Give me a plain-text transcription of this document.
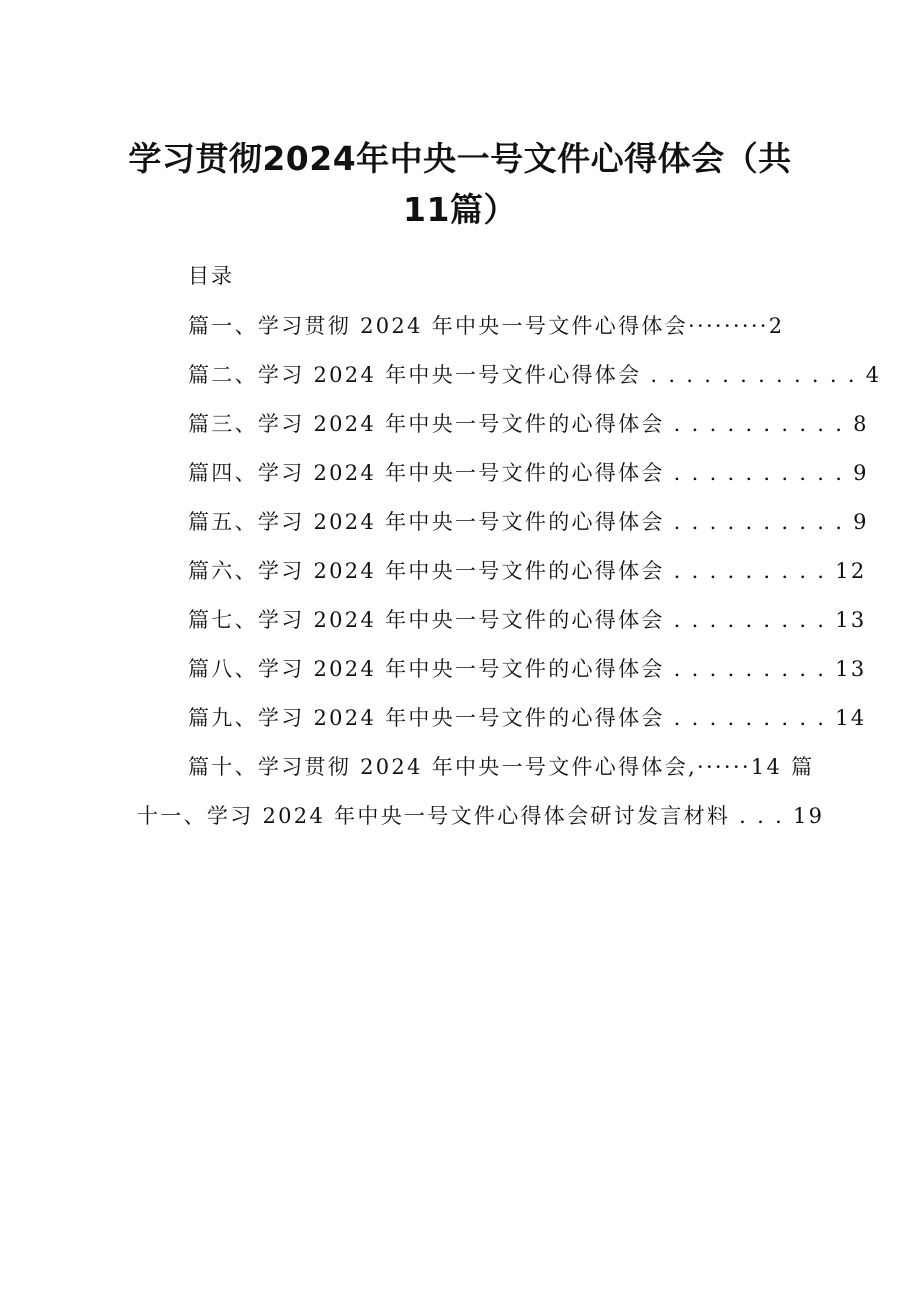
学习贯彻2024年中央一号文件心得体会（共
11篇）
目录
篇一、学习贯彻 2024 年中央一号文件心得体会·········2
篇二、学习 2024 年中央一号文件心得体会 . . . . . . . . . . . . 4
篇三、学习 2024 年中央一号文件的心得体会 . . . . . . . . . . 8
篇四、学习 2024 年中央一号文件的心得体会 . . . . . . . . . . 9
篇五、学习 2024 年中央一号文件的心得体会 . . . . . . . . . . 9
篇六、学习 2024 年中央一号文件的心得体会 . . . . . . . . . 12
篇七、学习 2024 年中央一号文件的心得体会 . . . . . . . . . 13
篇八、学习 2024 年中央一号文件的心得体会 . . . . . . . . . 13
篇九、学习 2024 年中央一号文件的心得体会 . . . . . . . . . 14
篇十、学习贯彻 2024 年中央一号文件心得体会,······14 篇
十一、学习 2024 年中央一号文件心得体会研讨发言材料 . . . 19
